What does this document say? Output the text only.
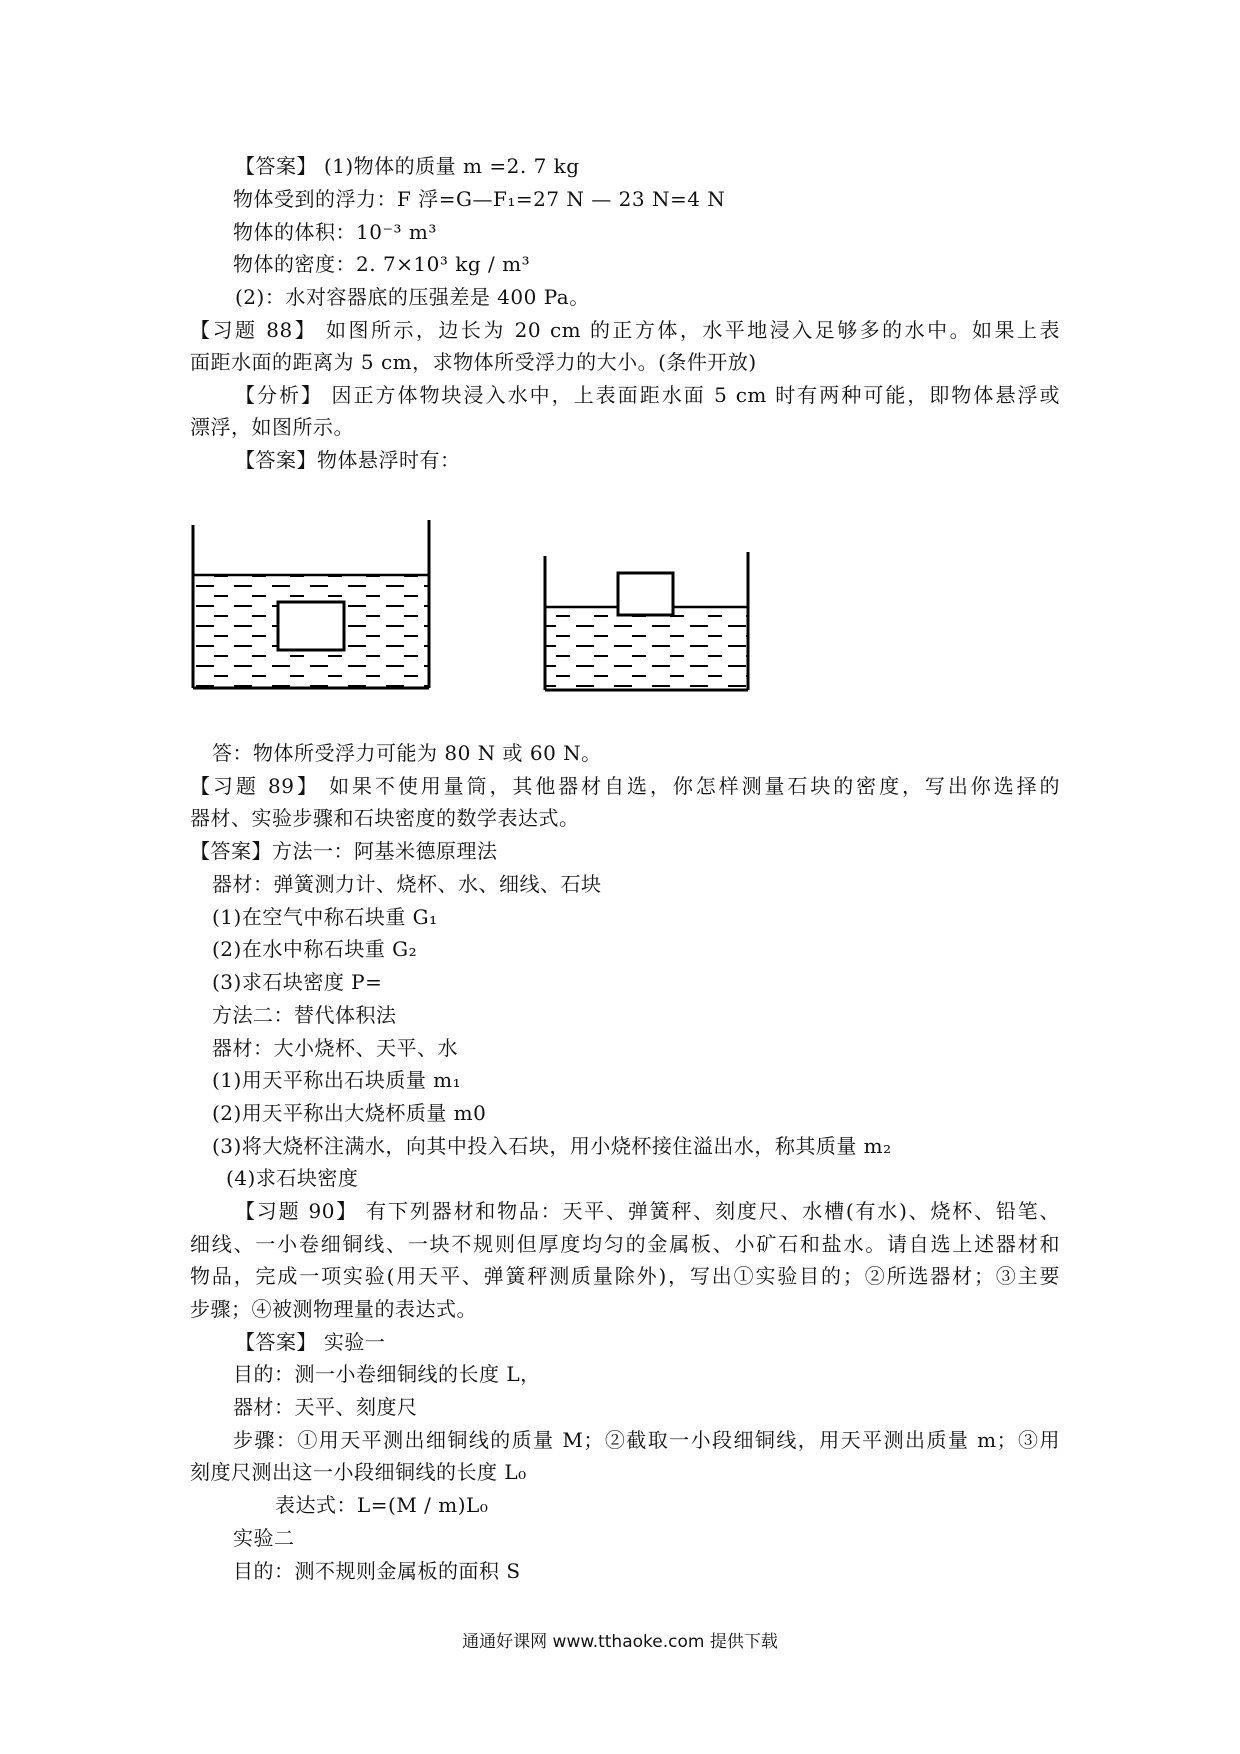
【答案】 (1)物体的质量 m =2. 7 kg
物体受到的浮力：F 浮=G—F₁=27 N — 23 N=4 N
物体的体积：10⁻³ m³
物体的密度：2. 7×10³ kg / m³
(2)：水对容器底的压强差是 400 Pa。
【习题 88】 如图所示，边长为 20 cm 的正方体，水平地浸入足够多的水中。如果上表
面距水面的距离为 5 cm，求物体所受浮力的大小。(条件开放)
【分析】 因正方体物块浸入水中，上表面距水面 5 cm 时有两种可能，即物体悬浮或
漂浮，如图所示。
【答案】物体悬浮时有：
答：物体所受浮力可能为 80 N 或 60 N。
【习题 89】 如果不使用量筒，其他器材自选，你怎样测量石块的密度，写出你选择的
器材、实验步骤和石块密度的数学表达式。
【答案】方法一：阿基米德原理法
器材：弹簧测力计、烧杯、水、细线、石块
(1)在空气中称石块重 G₁
(2)在水中称石块重 G₂
(3)求石块密度 P=
方法二：替代体积法
器材：大小烧杯、天平、水
(1)用天平称出石块质量 m₁
(2)用天平称出大烧杯质量 m0
(3)将大烧杯注满水，向其中投入石块，用小烧杯接住溢出水，称其质量 m₂
(4)求石块密度
【习题 90】 有下列器材和物品：天平、弹簧秤、刻度尺、水槽(有水)、烧杯、铅笔、
细线、一小卷细铜线、一块不规则但厚度均匀的金属板、小矿石和盐水。请自选上述器材和
物品，完成一项实验(用天平、弹簧秤测质量除外)，写出①实验目的；②所选器材；③主要
步骤；④被测物理量的表达式。
【答案】 实验一
目的：测一小卷细铜线的长度 L，
器材：天平、刻度尺
步骤：①用天平测出细铜线的质量 M；②截取一小段细铜线，用天平测出质量 m；③用
刻度尺测出这一小段细铜线的长度 L₀
表达式：L=(M / m)L₀
实验二
目的：测不规则金属板的面积 S
通通好课网 www.tthaoke.com 提供下载
